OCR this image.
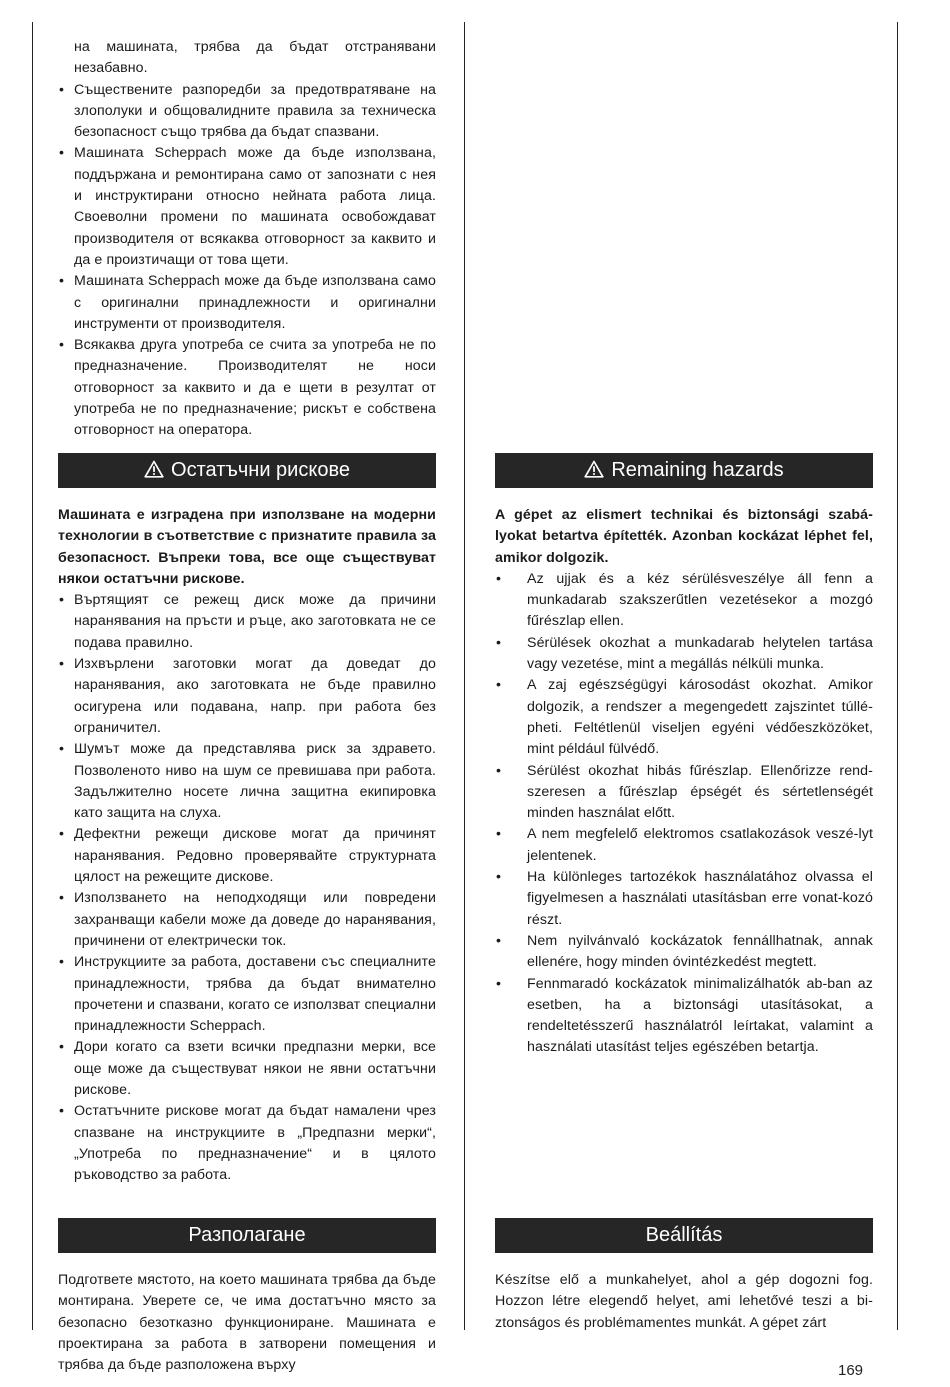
на машината, трябва да бъдат отстранявани незабавно.

• Съществените разпоредби за предотвратяване на злополуки и общовалидните правила за техническа безопасност също трябва да бъдат спазвани.
• Машината Scheppach може да бъде използвана, поддържана и ремонтирана само от запознати с нея и инструктирани относно нейната работа лица. Своеволни промени по машината освобождават производителя от всякаква отговорност за каквито и да е произтичащи от това щети.
• Машината Scheppach може да бъде използвана само с оригинални принадлежности и оригинални инструменти от производителя.
• Всякаква друга употреба се счита за употреба не по предназначение. Производителят не носи отговорност за каквито и да е щети в резултат от употреба не по предназначение; рискът е собствена отговорност на оператора.
Остатъчни рискове

Машината е изградена при използване на модерни технологии в съответствие с признатите правила за безопасност. Въпреки това, все още съществуват някои остатъчни рискове.

• Въртящият се режещ диск може да причини наранявания на пръсти и ръце, ако заготовката не се подава правилно.
• Изхвърлени заготовки могат да доведат до наранявания, ако заготовката не бъде правилно осигурена или подавана, напр. при работа без ограничител.
• Шумът може да представлява риск за здравето. Позволеното ниво на шум се превишава при работа. Задължително носете лична защитна екипировка като защита на слуха.
• Дефектни режещи дискове могат да причинят наранявания. Редовно проверявайте структурната цялост на режещите дискове.
• Използването на неподходящи или повредени захранващи кабели може да доведе до наранявания, причинени от електрически ток.
• Инструкциите за работа, доставени със специалните принадлежности, трябва да бъдат внимателно прочетени и спазвани, когато се използват специални принадлежности Scheppach.
• Дори когато са взети всички предпазни мерки, все още може да съществуват някои не явни остатъчни рискове.
• Остатъчните рискове могат да бъдат намалени чрез спазване на инструкциите в „Предпазни мерки“, „Употреба по предназначение“ и в цялото ръководство за работа.
Разполагане

Подгответе мястото, на което машината трябва да бъде монтирана. Уверете се, че има достатъчно място за безопасно безотказно функциониране. Машината е проектирана за работа в затворени помещения и трябва да бъде разположена върху

Remaining hazards

A gépet az elismert technikai és biztonsági szabá-lyokat betartva építették. Azonban kockázat léphet fel, amikor dolgozik.

• Az ujjak és a kéz sérülésveszélye áll fenn a munkadarab szakszerűtlen vezetésekor a mozgó fűrészlap ellen.
• Sérülések okozhat a munkadarab helytelen tartása vagy vezetése, mint a megállás nélküli munka.
• A zaj egészségügyi károsodást okozhat. Amikor dolgozik, a rendszer a megengedett zajszintet túllé-pheti. Feltétlenül viseljen egyéni védőeszközöket, mint például fülvédő.
• Sérülést okozhat hibás fűrészlap. Ellenőrizze rend-szeresen a fűrészlap épségét és sértetlenségét minden használat előtt.
• A nem megfelelő elektromos csatlakozások veszé-lyt jelentenek.
• Ha különleges tartozékok használatához olvassa el figyelmesen a használati utasításban erre vonat-kozó részt.
• Nem nyilvánvaló kockázatok fennállhatnak, annak ellenére, hogy minden óvintézkedést megtett.
• Fennmaradó kockázatok minimalizálhatók ab-ban az esetben, ha a biztonsági utasításokat, a rendeltetésszerű használatról leírtakat, valamint a használati utasítást teljes egészében betartja.
Beállítás

Készítse elő a munkahelyet, ahol a gép dogozni fog. Hozzon létre elegendő helyet, ami lehetővé teszi a bi-ztonságos és problémamentes munkát. A gépet zárt

169
